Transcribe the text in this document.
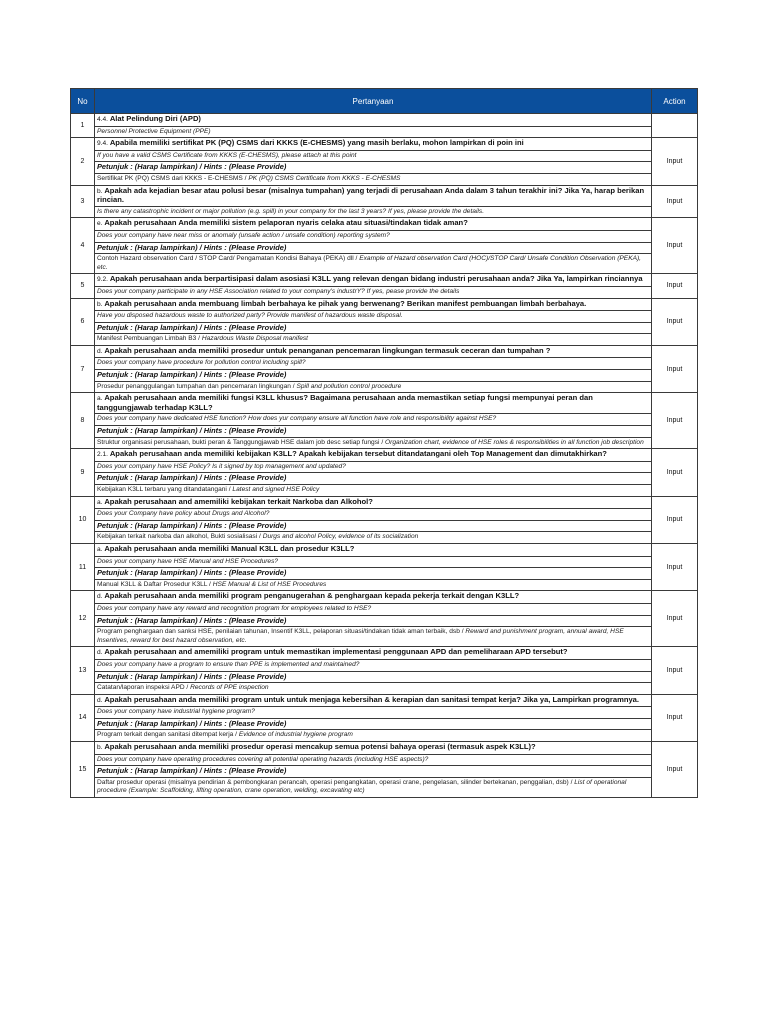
No	Pertanyaan	Action
1	4.4. Alat Pelindung Diri (APD)
Personnel Protective Equipment (PPE)	

2	9.4. Apabila memiliki sertifikat PK (PQ) CSMS dari KKKS (E-CHESMS) yang masih berlaku, mohon lampirkan di poin ini
If you have a valid CSMS Certificate from KKKS (E-CHESMS), please attach at this point
Petunjuk : (Harap lampirkan) / Hints : (Please Provide)
Sertifikat PK (PQ) CSMS dari KKKS - E-CHESMS / PK (PQ) CSMS Certificate from KKKS - E-CHESMS	Input
3	b. Apakah ada kejadian besar atau polusi besar (misalnya tumpahan) yang terjadi di perusahaan Anda dalam 3 tahun terakhir ini? Jika Ya, harap berikan rincian.
Is there any catastrophic incident or major pollution (e.g. spill) in your company for the last 3 years? If yes, please provide the details.	Input
4	e. Apakah perusahaan Anda memiliki sistem pelaporan nyaris celaka atau situasi/tindakan tidak aman?
Does your company have near miss or anomaly (unsafe action / unsafe condition) reporting system?
Petunjuk : (Harap lampirkan) / Hints : (Please Provide)
Contoh Hazard observation Card / STOP Card/ Pengamatan Kondisi Bahaya (PEKA) dll / Example of Hazard observation Card (HOC)/STOP Card/ Unsafe Condition Observation (PEKA), etc.	Input
5	9.2. Apakah perusahaan anda berpartisipasi dalam asosiasi K3LL yang relevan dengan bidang industri perusahaan anda? Jika Ya, lampirkan rinciannya
Does your company participate in any HSE Association related to your company's industrY? If yes, pease provide the details	Input
6	b. Apakah perusahaan anda membuang limbah berbahaya ke pihak yang berwenang? Berikan manifest pembuangan limbah berbahaya.
Have you disposed hazardous waste to authorized party? Provide manifest of hazardous waste disposal.
Petunjuk : (Harap lampirkan) / Hints : (Please Provide)
Manifest Pembuangan Limbah B3 / Hazardous Waste Disposal manifest	Input
7	d. Apakah perusahaan anda memiliki prosedur untuk penanganan pencemaran lingkungan termasuk ceceran dan tumpahan ?
Does your company have procedure for pollution control including spill?
Petunjuk : (Harap lampirkan) / Hints : (Please Provide)
Prosedur penanggulangan tumpahan dan pencemaran lingkungan / Spill and pollution control procedure	Input
8	a. Apakah perusahaan anda memiliki fungsi K3LL khusus? Bagaimana perusahaan anda memastikan setiap fungsi mempunyai peran dan tanggungjawab terhadap K3LL?
Does your company have dedicated HSE function? How does yur company ensure all function have role and responsibility against HSE?
Petunjuk : (Harap lampirkan) / Hints : (Please Provide)
Struktur organisasi perusahaan, bukti peran & Tanggungjawab HSE dalam job desc setiap fungsi / Organization chart, evidence of HSE roles & responsibilities in all function job description	Input
9	2.1. Apakah perusahaan anda memiliki kebijakan K3LL? Apakah kebijakan tersebut ditandatangani oleh Top Management dan dimutakhirkan?
Does your company have HSE Policy? Is it signed by top management and updated?
Petunjuk : (Harap lampirkan) / Hints : (Please Provide)
Kebijakan K3LL terbaru yang ditandatangani / Latest and signed HSE Policy	Input
10	a. Apakah perusahaan and amemiliki kebijakan terkait Narkoba dan Alkohol?
Does your Company have policy about Drugs and Alcohol?
Petunjuk : (Harap lampirkan) / Hints : (Please Provide)
Kebijakan terkait narkoba dan alkohol, Bukti sosialisasi / Durgs and alcohol Policy, evidence of its socialization	Input
11	a. Apakah perusahaan anda memiliki Manual K3LL dan prosedur K3LL?
Does your company have HSE Manual and HSE Procedures?
Petunjuk : (Harap lampirkan) / Hints : (Please Provide)
Manual K3LL & Daftar Prosedur K3LL / HSE Manual & List of HSE Procedures	Input
12	d. Apakah perusahaan anda memiliki program penganugerahan & penghargaan kepada pekerja terkait dengan K3LL?
Does your company have any reward and recognition program for employees related to HSE?
Petunjuk : (Harap lampirkan) / Hints : (Please Provide)
Program penghargaan dan sanksi HSE, penilaian tahunan, Insentif K3LL, pelaporan situasi/tindakan tidak aman terbaik, dsb / Reward and punishment program, annual award, HSE Insentives, reward for best hazard observation, etc.	Input
13	d. Apakah perusahaan and amemiliki program untuk memastikan implementasi penggunaan APD dan pemeliharaan APD tersebut?
Does your company have a program to ensure than PPE is implemented and maintained?
Petunjuk : (Harap lampirkan) / Hints : (Please Provide)
Catatan/laporan inspeksi APD / Records of PPE inspection	Input
14	d. Apakah perusahaan anda memiliki program untuk untuk menjaga kebersihan & kerapian dan sanitasi tempat kerja? Jika ya, Lampirkan programnya.
Does your company have industrial hygiene program?
Petunjuk : (Harap lampirkan) / Hints : (Please Provide)
Program terkait dengan sanitasi ditempat kerja / Evidence of industrial hygiene program	Input
15	b. Apakah perusahaan anda memiliki prosedur operasi mencakup semua potensi bahaya operasi (termasuk aspek K3LL)?
Does your company have operating procedures covering all potential operating hazards (including HSE aspects)?
Petunjuk : (Harap lampirkan) / Hints : (Please Provide)
Daftar prosedur operasi (misalnya pendirian & pembongkaran perancah, operasi pengangkatan, operasi crane, pengelasan, silinder bertekanan, penggalian, dsb) / List of operational procedure (Example: Scaffolding, lifting operation, crane operation, welding, excavating etc)	Input
